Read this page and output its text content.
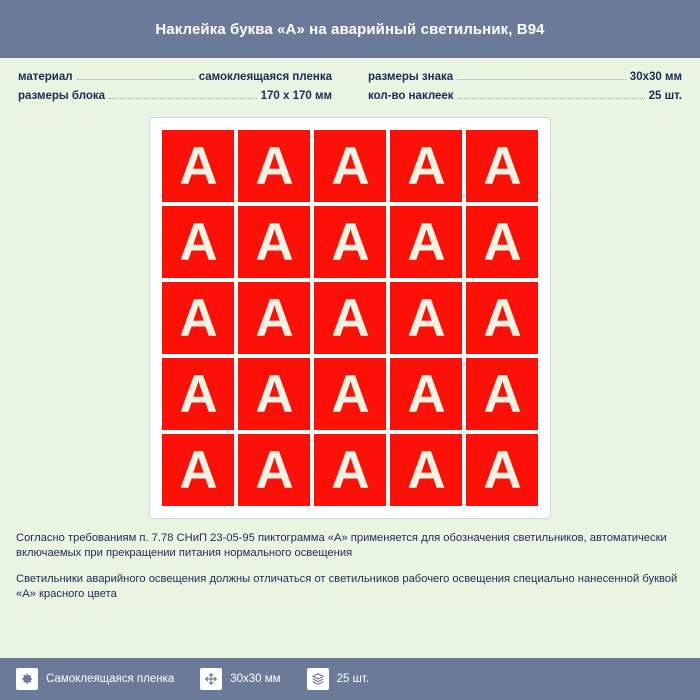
Наклейка буква «А» на аварийный светильник, B94
материал	самоклеящаяся пленка
размеры блока	170 х 170 мм
размеры знака	30x30 мм
кол-во наклеек	25 шт.
A A A A A
A A A A A
A A A A A
A A A A A
A A A A A
Согласно требованиям п. 7.78 СНиП 23-05-95 пиктограмма «А» применяется для обозначения светильников, автоматически включаемых при прекращении питания нормального освещения
Светильники аварийного освещения должны отличаться от светильников рабочего освещения специально нанесенной буквой «А» красного цвета
Самоклеящаяся пленка	30x30 мм	25 шт.
